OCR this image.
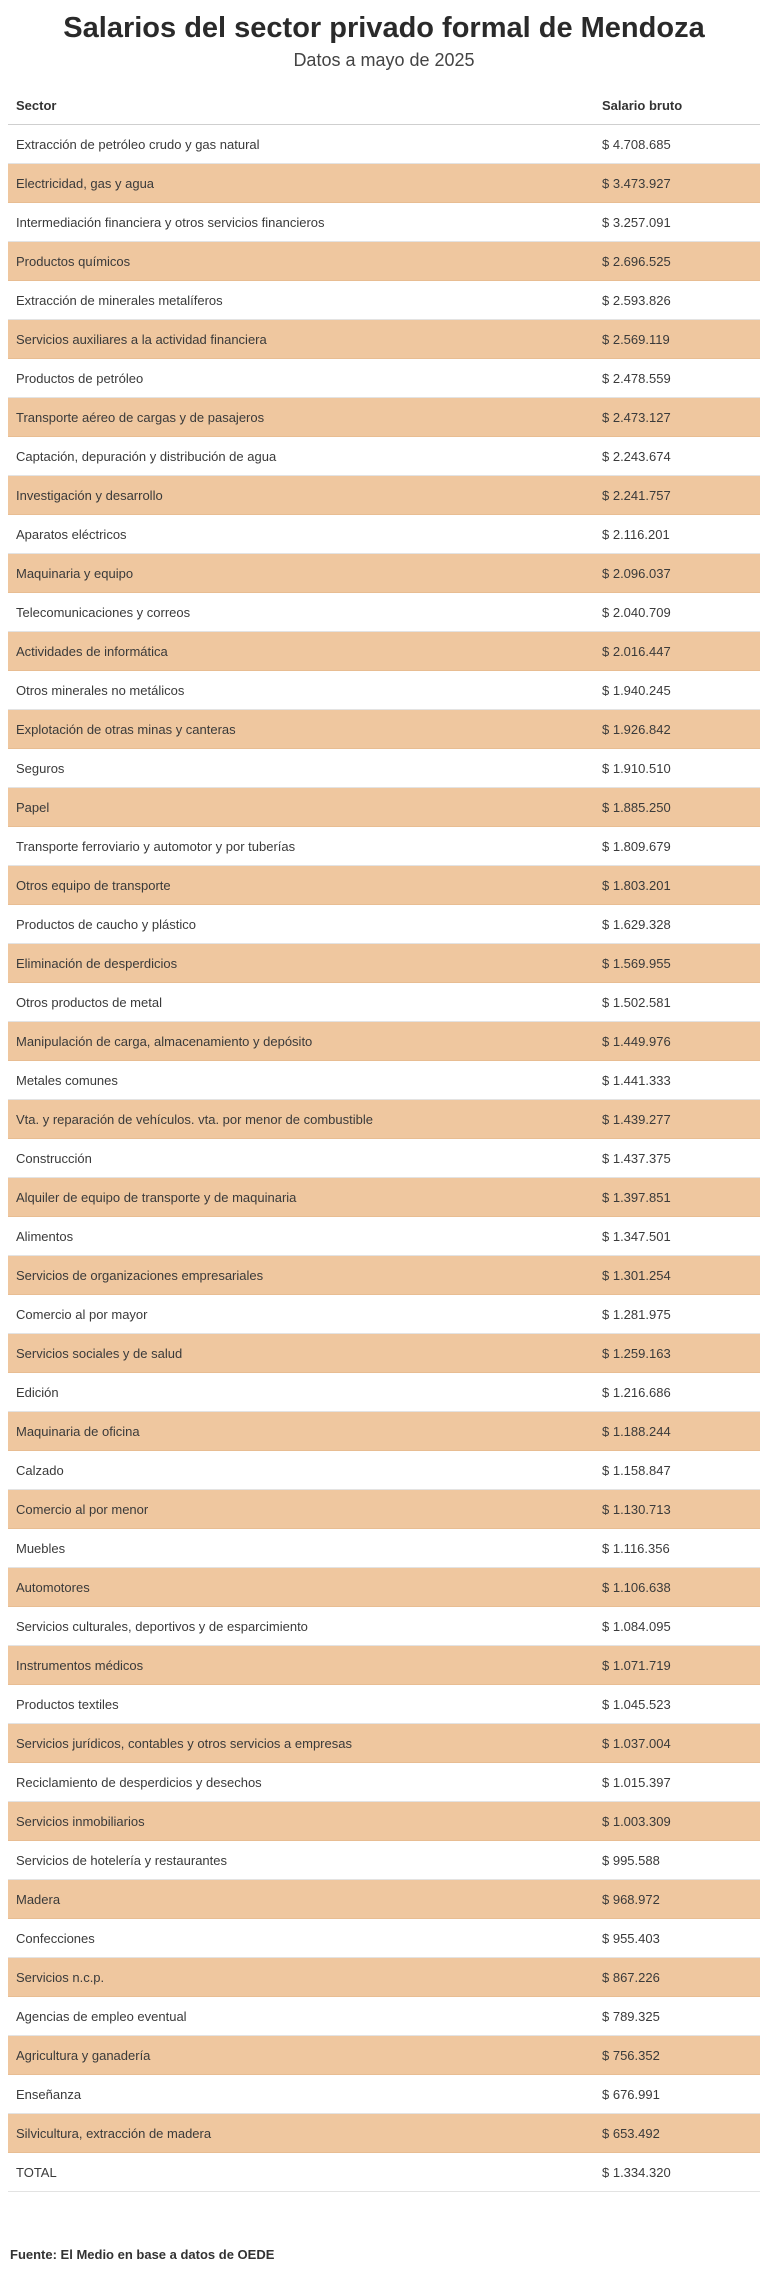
Salarios del sector privado formal de Mendoza
Datos a mayo de 2025
Sector	Salario bruto
Extracción de petróleo crudo y gas natural	$ 4.708.685
Electricidad, gas y agua	$ 3.473.927
Intermediación financiera y otros servicios financieros	$ 3.257.091
Productos químicos	$ 2.696.525
Extracción de minerales metalíferos	$ 2.593.826
Servicios auxiliares a la actividad financiera	$ 2.569.119
Productos de petróleo	$ 2.478.559
Transporte aéreo de cargas y de pasajeros	$ 2.473.127
Captación, depuración y distribución de agua	$ 2.243.674
Investigación y desarrollo	$ 2.241.757
Aparatos eléctricos	$ 2.116.201
Maquinaria y equipo	$ 2.096.037
Telecomunicaciones y correos	$ 2.040.709
Actividades de informática	$ 2.016.447
Otros minerales no metálicos	$ 1.940.245
Explotación de otras minas y canteras	$ 1.926.842
Seguros	$ 1.910.510
Papel	$ 1.885.250
Transporte ferroviario y automotor y por tuberías	$ 1.809.679
Otros equipo de transporte	$ 1.803.201
Productos de caucho y plástico	$ 1.629.328
Eliminación de desperdicios	$ 1.569.955
Otros productos de metal	$ 1.502.581
Manipulación de carga, almacenamiento y depósito	$ 1.449.976
Metales comunes	$ 1.441.333
Vta. y reparación de vehículos. vta. por menor de combustible	$ 1.439.277
Construcción	$ 1.437.375
Alquiler de equipo de transporte y de maquinaria	$ 1.397.851
Alimentos	$ 1.347.501
Servicios de organizaciones empresariales	$ 1.301.254
Comercio al por mayor	$ 1.281.975
Servicios sociales y de salud	$ 1.259.163
Edición	$ 1.216.686
Maquinaria de oficina	$ 1.188.244
Calzado	$ 1.158.847
Comercio al por menor	$ 1.130.713
Muebles	$ 1.116.356
Automotores	$ 1.106.638
Servicios culturales, deportivos y de esparcimiento	$ 1.084.095
Instrumentos médicos	$ 1.071.719
Productos textiles	$ 1.045.523
Servicios jurídicos, contables y otros servicios a empresas	$ 1.037.004
Reciclamiento de desperdicios y desechos	$ 1.015.397
Servicios inmobiliarios	$ 1.003.309
Servicios de hotelería y restaurantes	$ 995.588
Madera	$ 968.972
Confecciones	$ 955.403
Servicios n.c.p.	$ 867.226
Agencias de empleo eventual	$ 789.325
Agricultura y ganadería	$ 756.352
Enseñanza	$ 676.991
Silvicultura, extracción de madera	$ 653.492
TOTAL	$ 1.334.320
Fuente: El Medio en base a datos de OEDE
